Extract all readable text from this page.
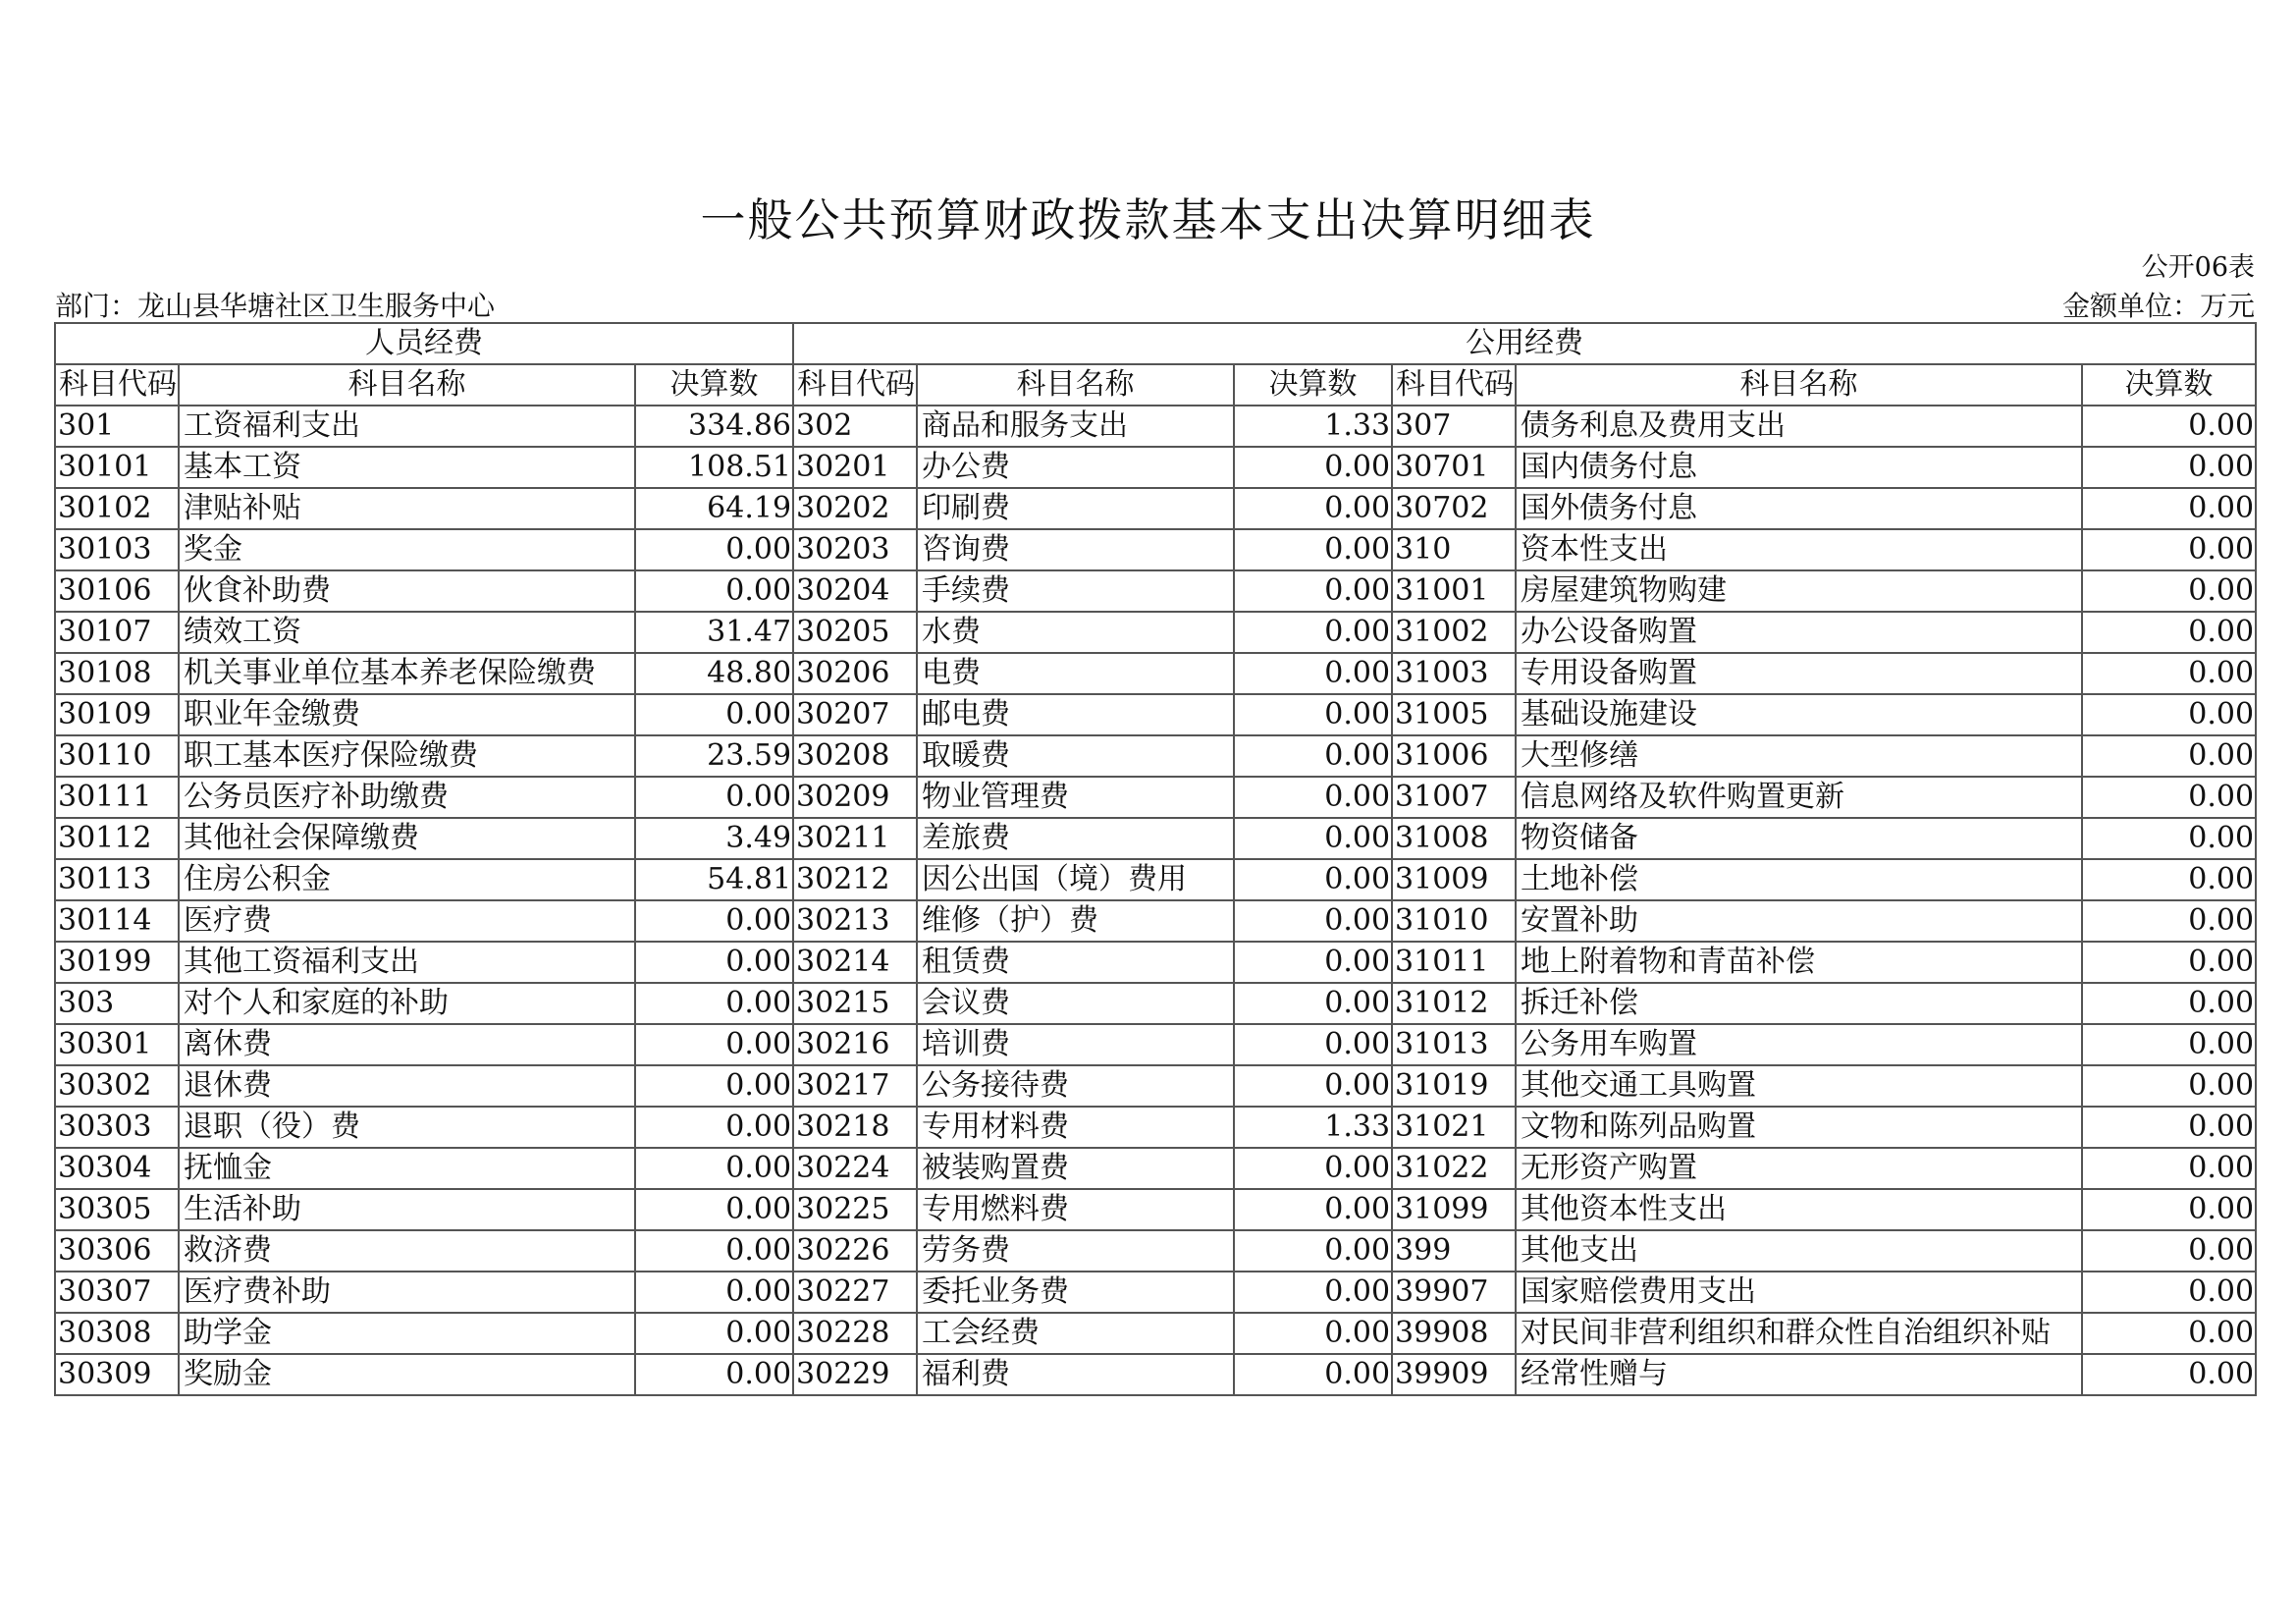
一般公共预算财政拨款基本支出决算明细表
公开06表
部门：龙山县华塘社区卫生服务中心	金额单位：万元
人员经费			公用经费					
科目代码	科目名称	决算数	科目代码	科目名称	决算数	科目代码	科目名称	决算数
301	工资福利支出	334.86	302	商品和服务支出	1.33	307	债务利息及费用支出	0.00
30101	基本工资	108.51	30201	办公费	0.00	30701	国内债务付息	0.00
30102	津贴补贴	64.19	30202	印刷费	0.00	30702	国外债务付息	0.00
30103	奖金	0.00	30203	咨询费	0.00	310	资本性支出	0.00
30106	伙食补助费	0.00	30204	手续费	0.00	31001	房屋建筑物购建	0.00
30107	绩效工资	31.47	30205	水费	0.00	31002	办公设备购置	0.00
30108	机关事业单位基本养老保险缴费	48.80	30206	电费	0.00	31003	专用设备购置	0.00
30109	职业年金缴费	0.00	30207	邮电费	0.00	31005	基础设施建设	0.00
30110	职工基本医疗保险缴费	23.59	30208	取暖费	0.00	31006	大型修缮	0.00
30111	公务员医疗补助缴费	0.00	30209	物业管理费	0.00	31007	信息网络及软件购置更新	0.00
30112	其他社会保障缴费	3.49	30211	差旅费	0.00	31008	物资储备	0.00
30113	住房公积金	54.81	30212	因公出国（境）费用	0.00	31009	土地补偿	0.00
30114	医疗费	0.00	30213	维修（护）费	0.00	31010	安置补助	0.00
30199	其他工资福利支出	0.00	30214	租赁费	0.00	31011	地上附着物和青苗补偿	0.00
303	对个人和家庭的补助	0.00	30215	会议费	0.00	31012	拆迁补偿	0.00
30301	离休费	0.00	30216	培训费	0.00	31013	公务用车购置	0.00
30302	退休费	0.00	30217	公务接待费	0.00	31019	其他交通工具购置	0.00
30303	退职（役）费	0.00	30218	专用材料费	1.33	31021	文物和陈列品购置	0.00
30304	抚恤金	0.00	30224	被装购置费	0.00	31022	无形资产购置	0.00
30305	生活补助	0.00	30225	专用燃料费	0.00	31099	其他资本性支出	0.00
30306	救济费	0.00	30226	劳务费	0.00	399	其他支出	0.00
30307	医疗费补助	0.00	30227	委托业务费	0.00	39907	国家赔偿费用支出	0.00
30308	助学金	0.00	30228	工会经费	0.00	39908	对民间非营利组织和群众性自治组织补贴	0.00
30309	奖励金	0.00	30229	福利费	0.00	39909	经常性赠与	0.00
